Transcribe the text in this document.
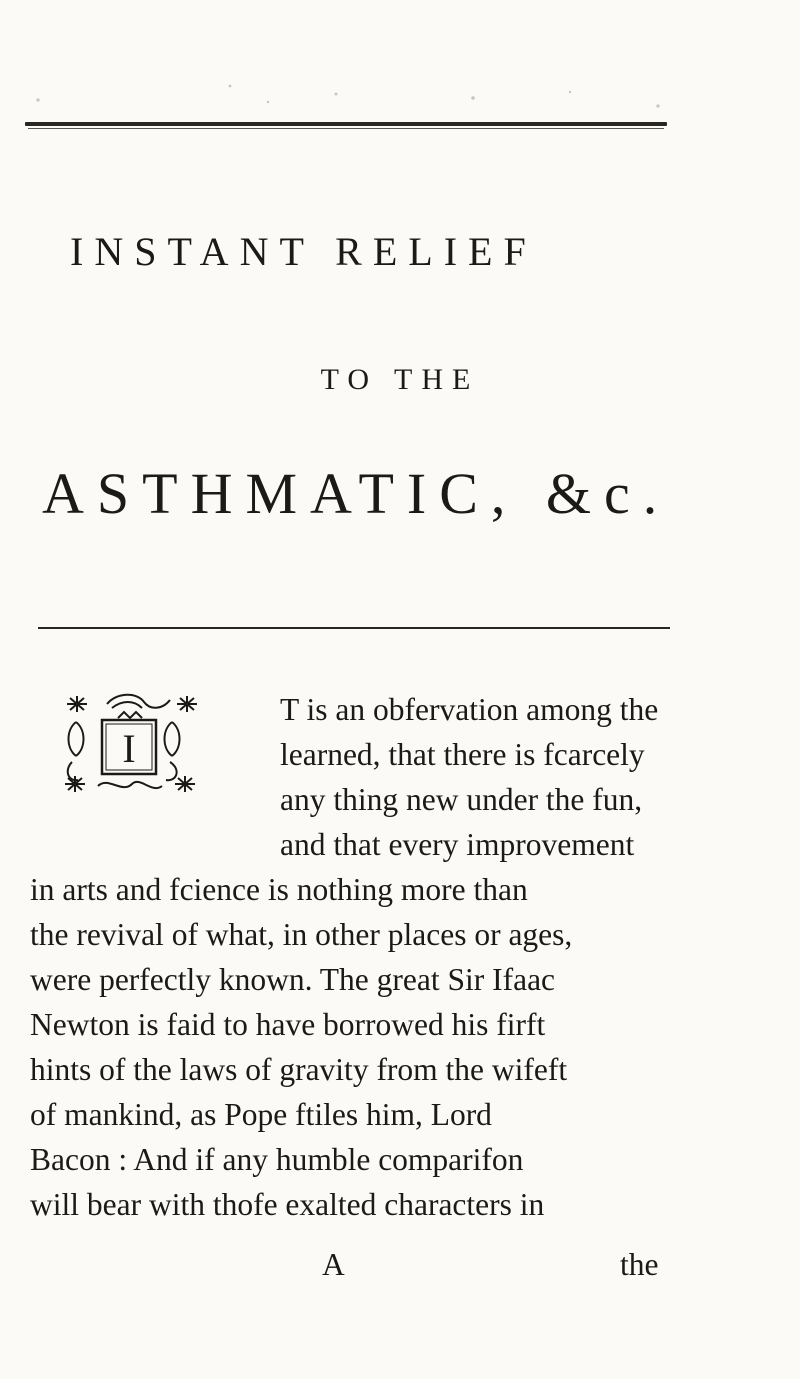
INSTANT RELIEF
TO THE
ASTHMATIC, &c.
I
T is an obfervation among the
learned, that there is fcarcely
any thing new under the fun,
and that every improvement
in arts and fcience is nothing more than
the revival of what, in other places or ages,
were perfectly known. The great Sir Ifaac
Newton is faid to have borrowed his firft
hints of the laws of gravity from the wifeft
of mankind, as Pope ftiles him, Lord
Bacon : And if any humble comparifon
will bear with thofe exalted characters in
A	the
